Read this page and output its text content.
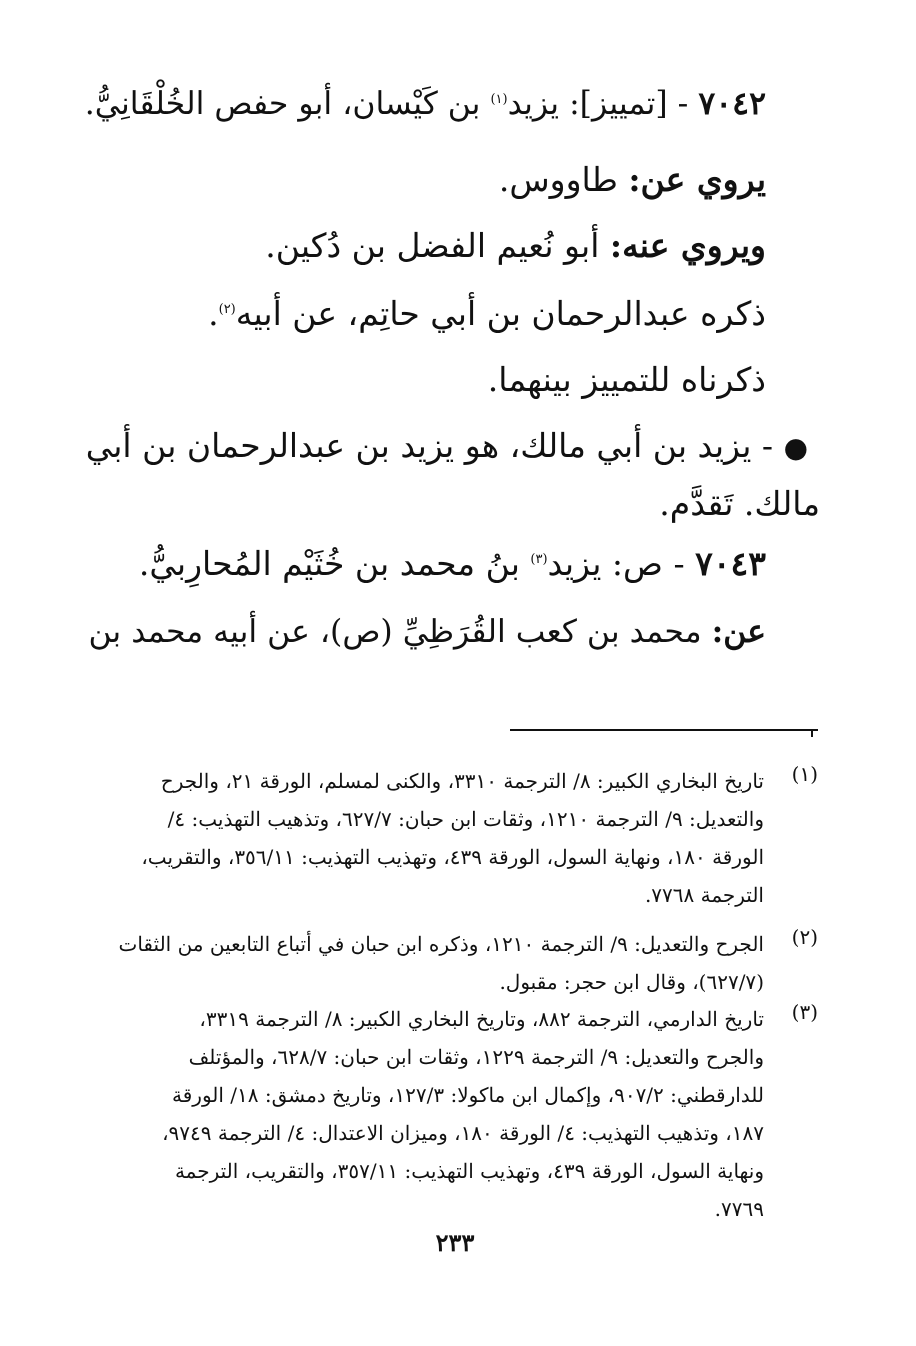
٧٠٤٢ - [تمييز]: يزيد$^{(١)}$ بن كَيْسان، أبو حفص الخُلْقَانِيُّ.
يروي عن: طاووس.
ويروي عنه: أبو نُعيم الفضل بن دُكين.
ذكره عبدالرحمان بن أبي حاتِم، عن أبيه$^{(٢)}$.
ذكرناه للتمييز بينهما.
● - يزيد بن أبي مالك، هو يزيد بن عبدالرحمان بن أبي
مالك. تَقدَّم.
٧٠٤٣ - ص: يزيد$^{(٣)}$ بنُ محمد بن خُثَيْم المُحارِبيُّ.
عن: محمد بن كعب القُرَظِيِّ (ص)، عن أبيه محمد بن
(١)
تاريخ البخاري الكبير: ٨/ الترجمة ٣٣١٠، والكنى لمسلم، الورقة ٢١، والجرح
والتعديل: ٩/ الترجمة ١٢١٠، وثقات ابن حبان: ٦٢٧/٧، وتذهيب التهذيب: ٤/
الورقة ١٨٠، ونهاية السول، الورقة ٤٣٩، وتهذيب التهذيب: ٣٥٦/١١، والتقريب،
الترجمة ٧٧٦٨.
(٢)
الجرح والتعديل: ٩/ الترجمة ١٢١٠، وذكره ابن حبان في أتباع التابعين من الثقات
(٦٢٧/٧)، وقال ابن حجر: مقبول.
(٣)
تاريخ الدارمي، الترجمة ٨٨٢، وتاريخ البخاري الكبير: ٨/ الترجمة ٣٣١٩،
والجرح والتعديل: ٩/ الترجمة ١٢٢٩، وثقات ابن حبان: ٦٢٨/٧، والمؤتلف
للدارقطني: ٩٠٧/٢، وإكمال ابن ماكولا: ١٢٧/٣، وتاريخ دمشق: ١٨/ الورقة
١٨٧، وتذهيب التهذيب: ٤/ الورقة ١٨٠، وميزان الاعتدال: ٤/ الترجمة ٩٧٤٩،
ونهاية السول، الورقة ٤٣٩، وتهذيب التهذيب: ٣٥٧/١١، والتقريب، الترجمة
٧٧٦٩.
٢٣٣
